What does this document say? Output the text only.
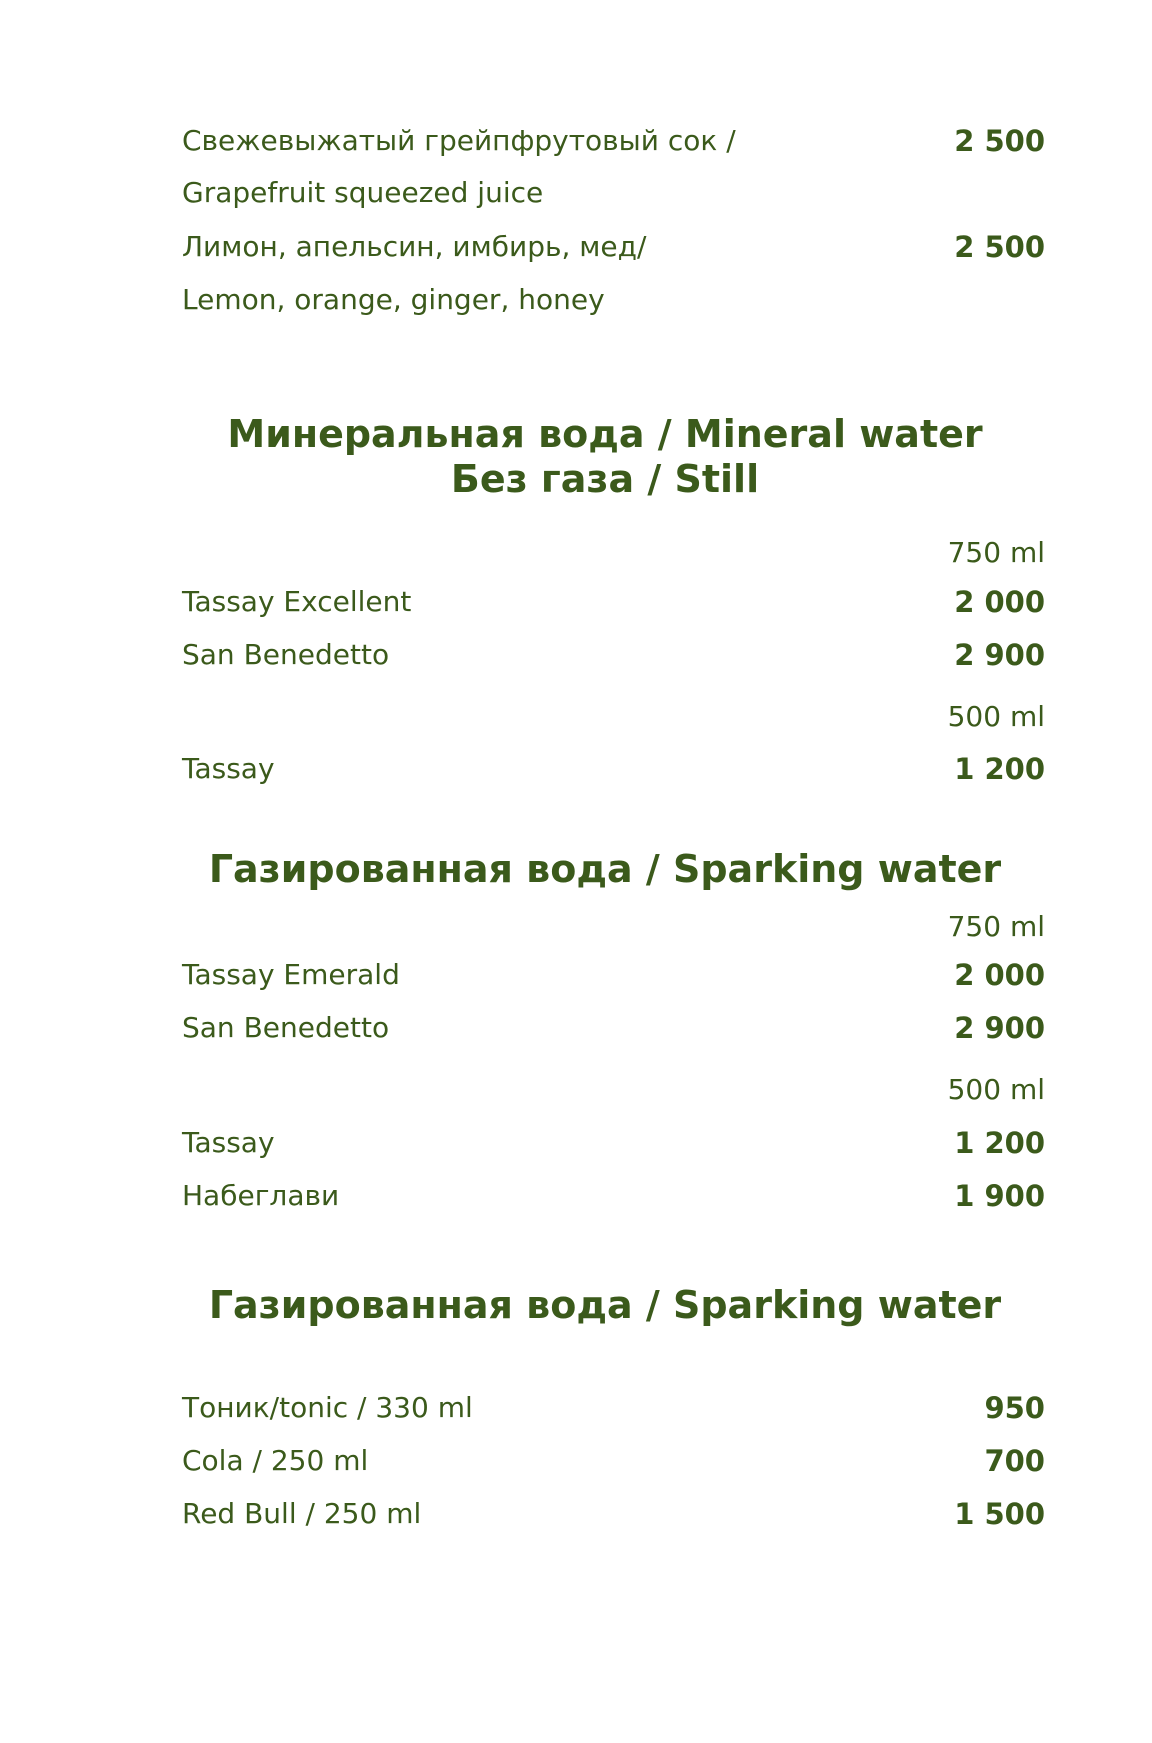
Свежевыжатый грейпфрутовый сок /	2 500
Grapefruit squeezed juice
Лимон, апельсин, имбирь, мед/	2 500
Lemon, orange, ginger, honey
Минеральная вода / Mineral water
Без газа / Still
750 ml
Tassay Excellent	2 000
San Benedetto	2 900
500 ml
Tassay	1 200
Газированная вода / Sparking water
750 ml
Tassay Emerald	2 000
San Benedetto	2 900
500 ml
Tassay	1 200
Набеглави	1 900
Газированная вода / Sparking water
Тоник/tonic / 330 ml	950
Cola / 250 ml	700
Red Bull / 250 ml	1 500
